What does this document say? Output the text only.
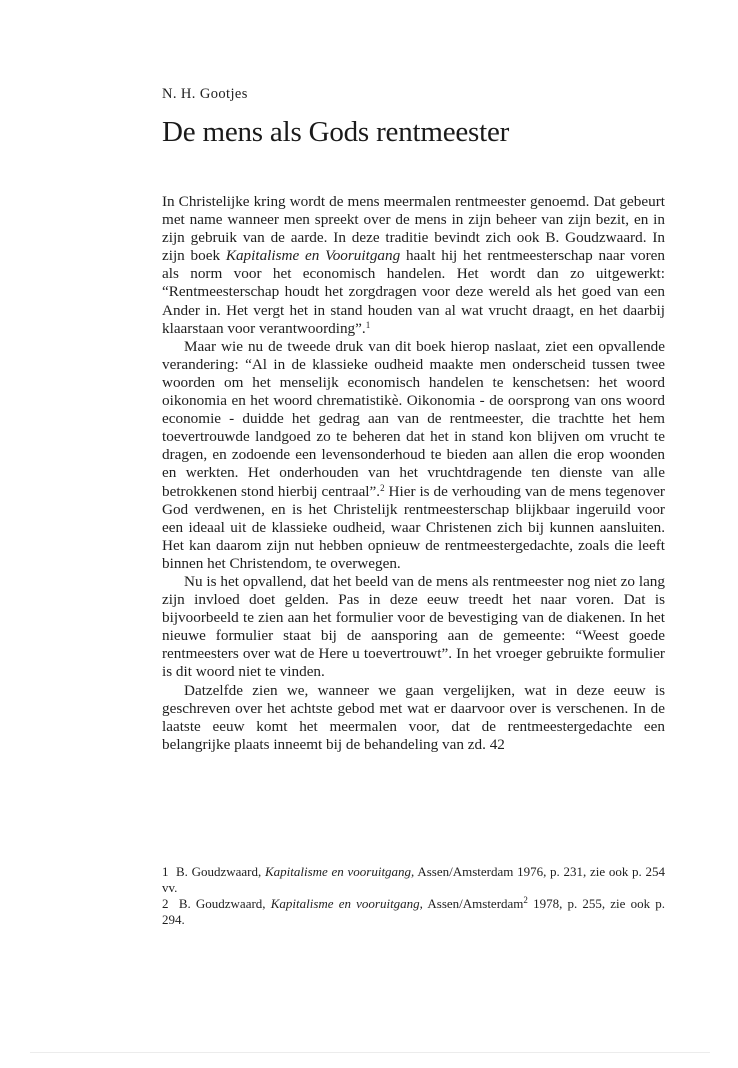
N. H. Gootjes
De mens als Gods rentmeester

In Christelijke kring wordt de mens meermalen rentmeester genoemd. Dat gebeurt met name wanneer men spreekt over de mens in zijn beheer van zijn bezit, en in zijn gebruik van de aarde. In deze traditie bevindt zich ook B. Goudzwaard. In zijn boek Kapitalisme en Vooruitgang haalt hij het rentmeesterschap naar voren als norm voor het economisch handelen. Het wordt dan zo uitgewerkt: “Rentmeesterschap houdt het zorgdragen voor deze wereld als het goed van een Ander in. Het vergt het in stand houden van al wat vrucht draagt, en het daarbij klaarstaan voor verantwoording”.$^1$

Maar wie nu de tweede druk van dit boek hierop naslaat, ziet een opvallende verandering: “Al in de klassieke oudheid maakte men onderscheid tussen twee woorden om het menselijk economisch handelen te kenschetsen: het woord oikonomia en het woord chrematistikè. Oikonomia - de oorsprong van ons woord economie - duidde het gedrag aan van de rentmeester, die trachtte het hem toevertrouwde landgoed zo te beheren dat het in stand kon blijven om vrucht te dragen, en zodoende een levensonderhoud te bieden aan allen die erop woonden en werkten. Het onderhouden van het vruchtdragende ten dienste van alle betrokkenen stond hierbij centraal”.$^2$ Hier is de verhouding van de mens tegenover God verdwenen, en is het Christelijk rentmeesterschap blijkbaar ingeruild voor een ideaal uit de klassieke oudheid, waar Christenen zich bij kunnen aansluiten. Het kan daarom zijn nut hebben opnieuw de rentmeestergedachte, zoals die leeft binnen het Christendom, te overwegen.

Nu is het opvallend, dat het beeld van de mens als rentmeester nog niet zo lang zijn invloed doet gelden. Pas in deze eeuw treedt het naar voren. Dat is bijvoorbeeld te zien aan het formulier voor de bevestiging van de diakenen. In het nieuwe formulier staat bij de aansporing aan de gemeente: “Weest goede rentmeesters over wat de Here u toevertrouwt”. In het vroeger gebruikte formulier is dit woord niet te vinden.

Datzelfde zien we, wanneer we gaan vergelijken, wat in deze eeuw is geschreven over het achtste gebod met wat er daarvoor over is verschenen. In de laatste eeuw komt het meermalen voor, dat de rentmeestergedachte een belangrijke plaats inneemt bij de behandeling van zd. 42

1 B. Goudzwaard, Kapitalisme en vooruitgang, Assen/Amsterdam 1976, p. 231, zie ook p. 254 vv.

2 B. Goudzwaard, Kapitalisme en vooruitgang, Assen/Amsterdam$^2$ 1978, p. 255, zie ook p. 294.
